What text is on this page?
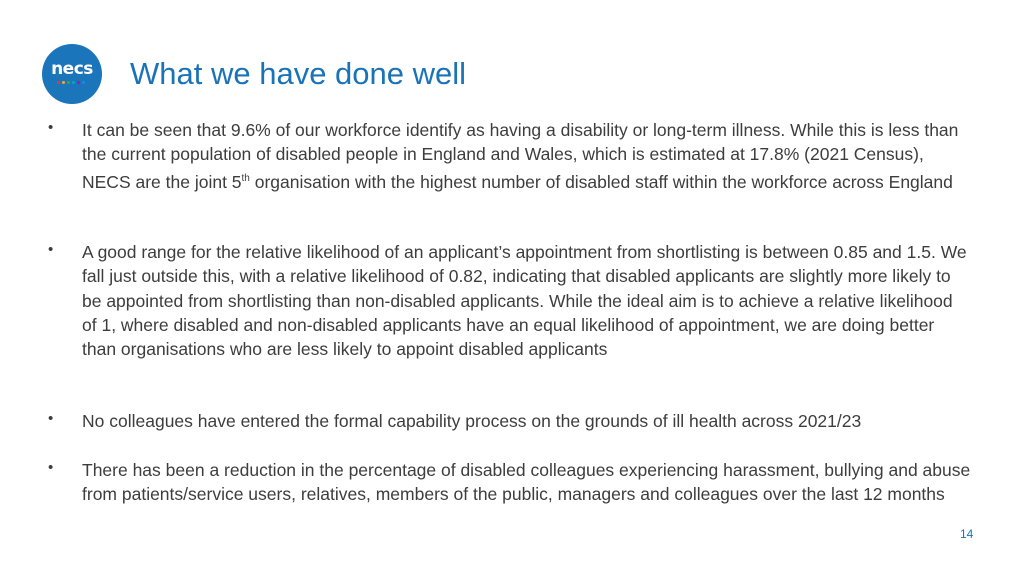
necs What we have done well
• It can be seen that 9.6% of our workforce identify as having a disability or long-term illness. While this is less than the current population of disabled people in England and Wales, which is estimated at 17.8% (2021 Census), NECS are the joint 5th organisation with the highest number of disabled staff within the workforce across England
• A good range for the relative likelihood of an applicant’s appointment from shortlisting is between 0.85 and 1.5. We fall just outside this, with a relative likelihood of 0.82, indicating that disabled applicants are slightly more likely to be appointed from shortlisting than non-disabled applicants. While the ideal aim is to achieve a relative likelihood of 1, where disabled and non-disabled applicants have an equal likelihood of appointment, we are doing better than organisations who are less likely to appoint disabled applicants
• No colleagues have entered the formal capability process on the grounds of ill health across 2021/23
• There has been a reduction in the percentage of disabled colleagues experiencing harassment, bullying and abuse from patients/service users, relatives, members of the public, managers and colleagues over the last 12 months
14
